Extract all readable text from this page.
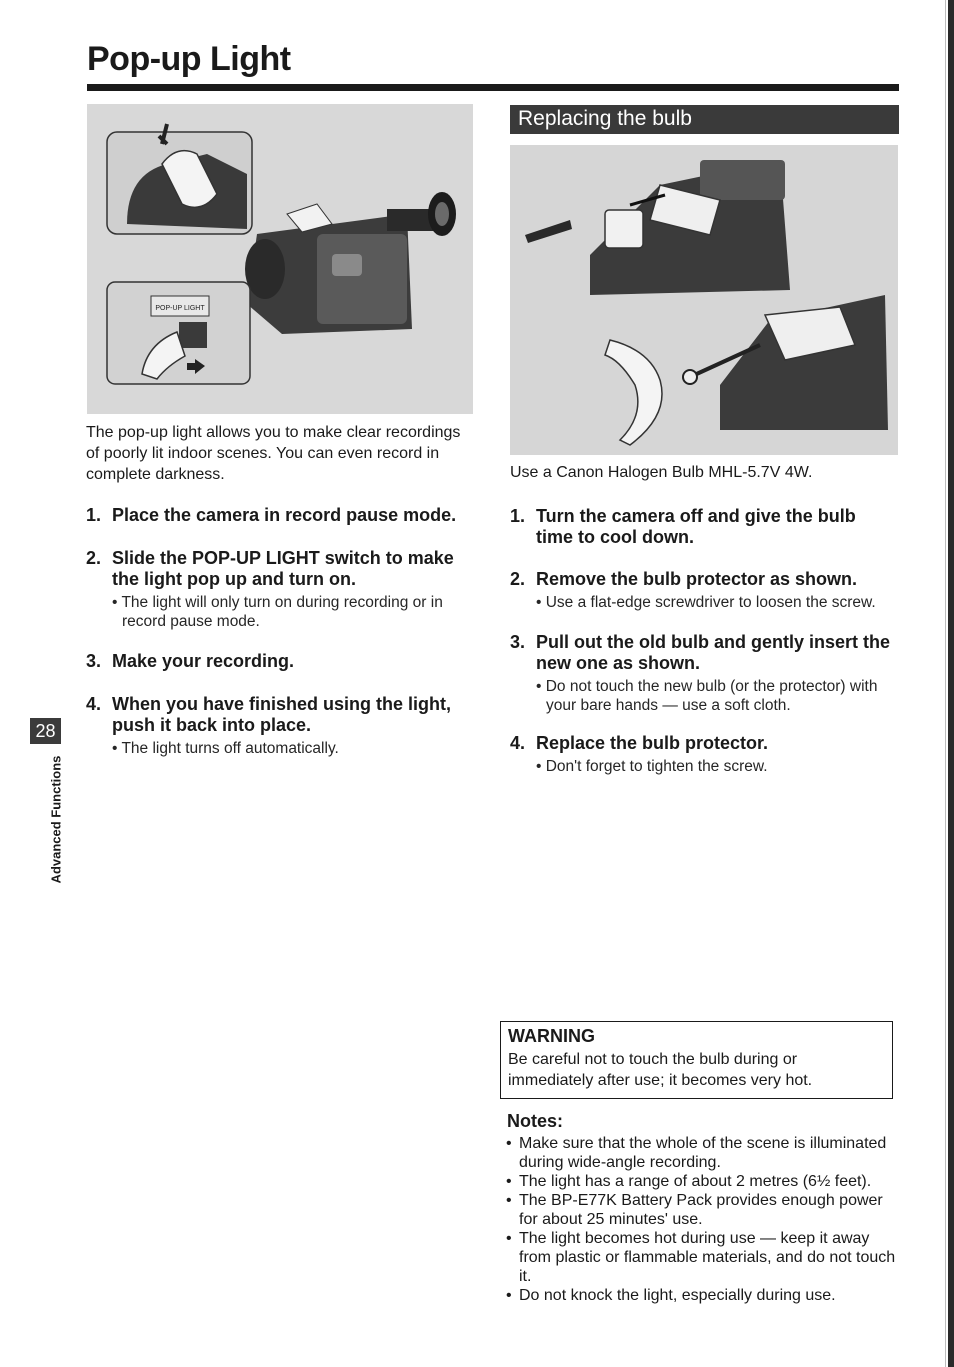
Pop-up Light
POP-UP LIGHT

The pop-up light allows you to make clear recordings of poorly lit indoor scenes. You can even record in complete darkness.

1. Place the camera in record pause mode.
2. Slide the POP-UP LIGHT switch to make the light pop up and turn on.
• The light will only turn on during recording or in record pause mode.
3. Make your recording.
4. When you have finished using the light, push it back into place.
• The light turns off automatically.
Replacing the bulb

Use a Canon Halogen Bulb MHL-5.7V 4W.

1. Turn the camera off and give the bulb time to cool down.
2. Remove the bulb protector as shown.
• Use a flat-edge screwdriver to loosen the screw.
3. Pull out the old bulb and gently insert the new one as shown.
• Do not touch the new bulb (or the protector) with your bare hands — use a soft cloth.
4. Replace the bulb protector.
• Don't forget to tighten the screw.
28
Advanced Functions

WARNING

Be careful not to touch the bulb during or immediately after use; it becomes very hot.

Notes:

• Make sure that the whole of the scene is illuminated during wide-angle recording.
• The light has a range of about 2 metres (6½ feet).
• The BP-E77K Battery Pack provides enough power for about 25 minutes' use.
• The light becomes hot during use — keep it away from plastic or flammable materials, and do not touch it.
• Do not knock the light, especially during use.
